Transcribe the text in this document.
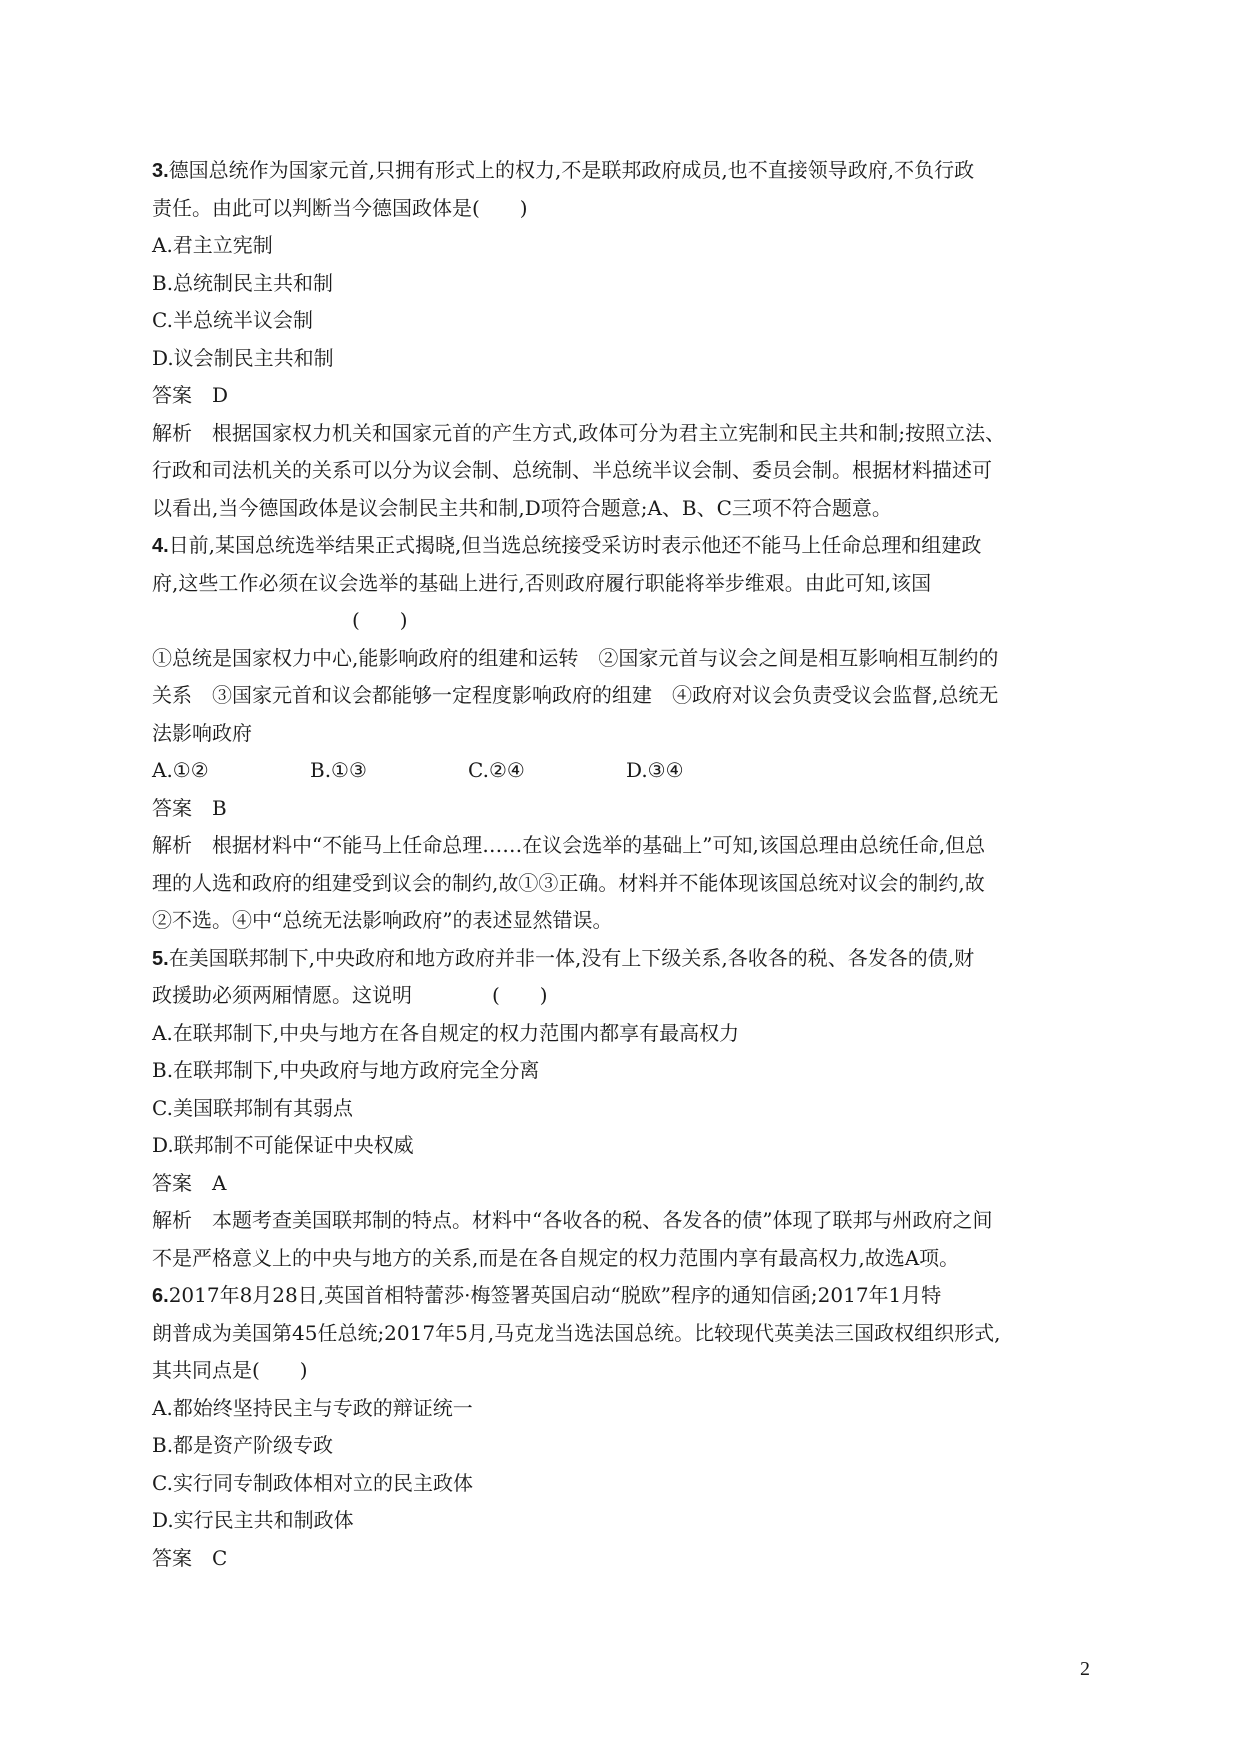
3.德国总统作为国家元首,只拥有形式上的权力,不是联邦政府成员,也不直接领导政府,不负行政

责任。由此可以判断当今德国政体是(　　)

A.君主立宪制

B.总统制民主共和制

C.半总统半议会制

D.议会制民主共和制

答案　D

解析　根据国家权力机关和国家元首的产生方式,政体可分为君主立宪制和民主共和制;按照立法、

行政和司法机关的关系可以分为议会制、总统制、半总统半议会制、委员会制。根据材料描述可

以看出,当今德国政体是议会制民主共和制,D项符合题意;A、B、C三项不符合题意。

4.日前,某国总统选举结果正式揭晓,但当选总统接受采访时表示他还不能马上任命总理和组建政

府,这些工作必须在议会选举的基础上进行,否则政府履行职能将举步维艰。由此可知,该国

(　　)

①总统是国家权力中心,能影响政府的组建和运转　②国家元首与议会之间是相互影响相互制约的

关系　③国家元首和议会都能够一定程度影响政府的组建　④政府对议会负责受议会监督,总统无

法影响政府

A.①②	B.①③	C.②④	D.③④

答案　B

解析　根据材料中“不能马上任命总理……在议会选举的基础上”可知,该国总理由总统任命,但总

理的人选和政府的组建受到议会的制约,故①③正确。材料并不能体现该国总统对议会的制约,故

②不选。④中“总统无法影响政府”的表述显然错误。

5.在美国联邦制下,中央政府和地方政府并非一体,没有上下级关系,各收各的税、各发各的债,财

政援助必须两厢情愿。这说明　　　　(　　)

A.在联邦制下,中央与地方在各自规定的权力范围内都享有最高权力

B.在联邦制下,中央政府与地方政府完全分离

C.美国联邦制有其弱点

D.联邦制不可能保证中央权威

答案　A

解析　本题考查美国联邦制的特点。材料中“各收各的税、各发各的债”体现了联邦与州政府之间

不是严格意义上的中央与地方的关系,而是在各自规定的权力范围内享有最高权力,故选A项。

6.2017年8月28日,英国首相特蕾莎·梅签署英国启动“脱欧”程序的通知信函;2017年1月特

朗普成为美国第45任总统;2017年5月,马克龙当选法国总统。比较现代英美法三国政权组织形式,

其共同点是(　　)

A.都始终坚持民主与专政的辩证统一

B.都是资产阶级专政

C.实行同专制政体相对立的民主政体

D.实行民主共和制政体

答案　C

2
